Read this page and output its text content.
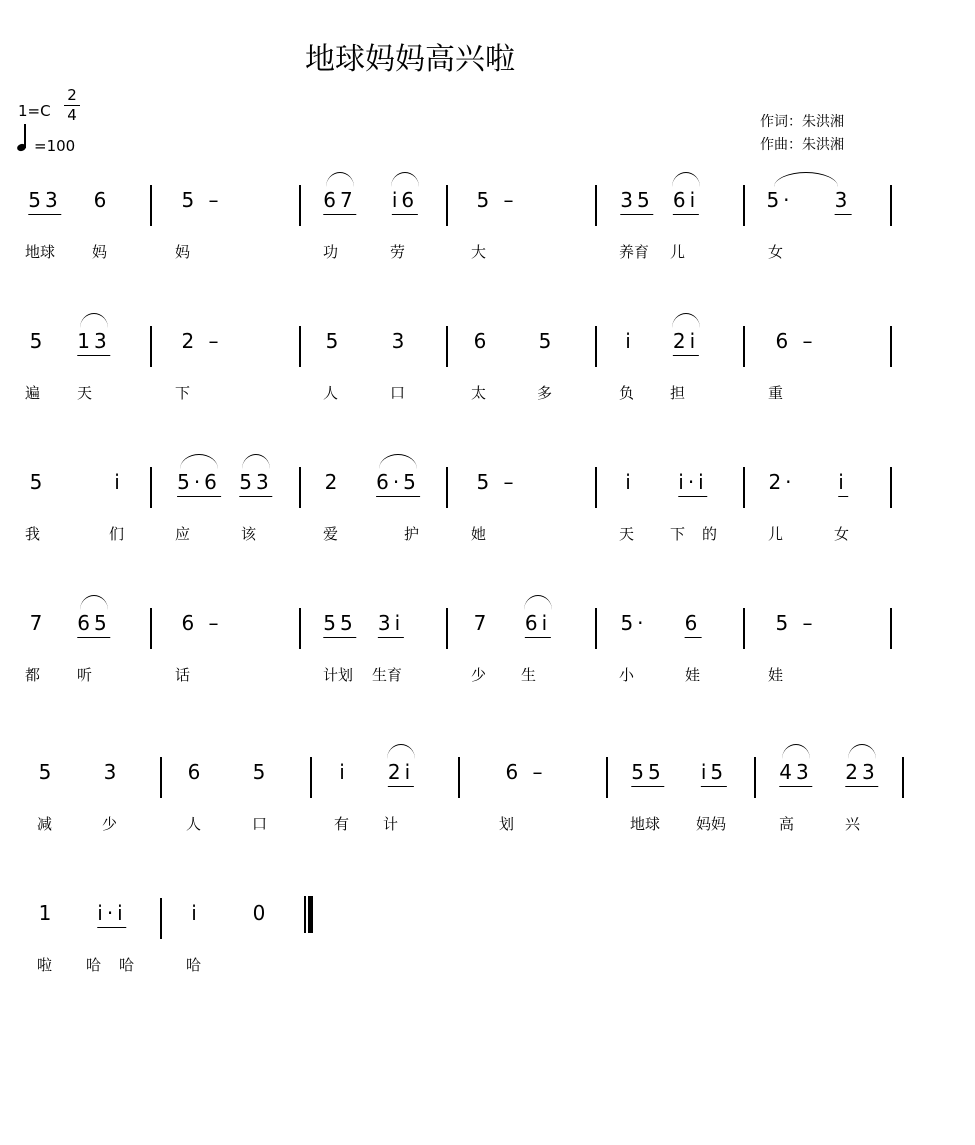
地球妈妈高兴啦
1=C
2
4
=100
作词：朱洪湘
作曲：朱洪湘
53 6	5 –	67 i6	5 –	35 6i	5· 3
地球 妈	妈	功	劳	大	养育 儿	女
5 13	2 –	5 3	6 5	i 2i	6 –
遍 天	下	人	口	太	多	负 担	重
5	i	5·6 53	2 6·5	5 –	i i·i	2· i
我	们	应	该	爱	护	她	天 下 的	儿	女
7 65	6 –	55 3i	7 6i	5· 6	5 –
都 听	话	计划 生育	少 生	小	娃	娃
5 3	6 5	i 2i	6 –	55 i5	43 23
减	少	人	口	有 计	划	地球 妈妈	高	兴
1 i·i	i	0
啦 哈 哈	哈
